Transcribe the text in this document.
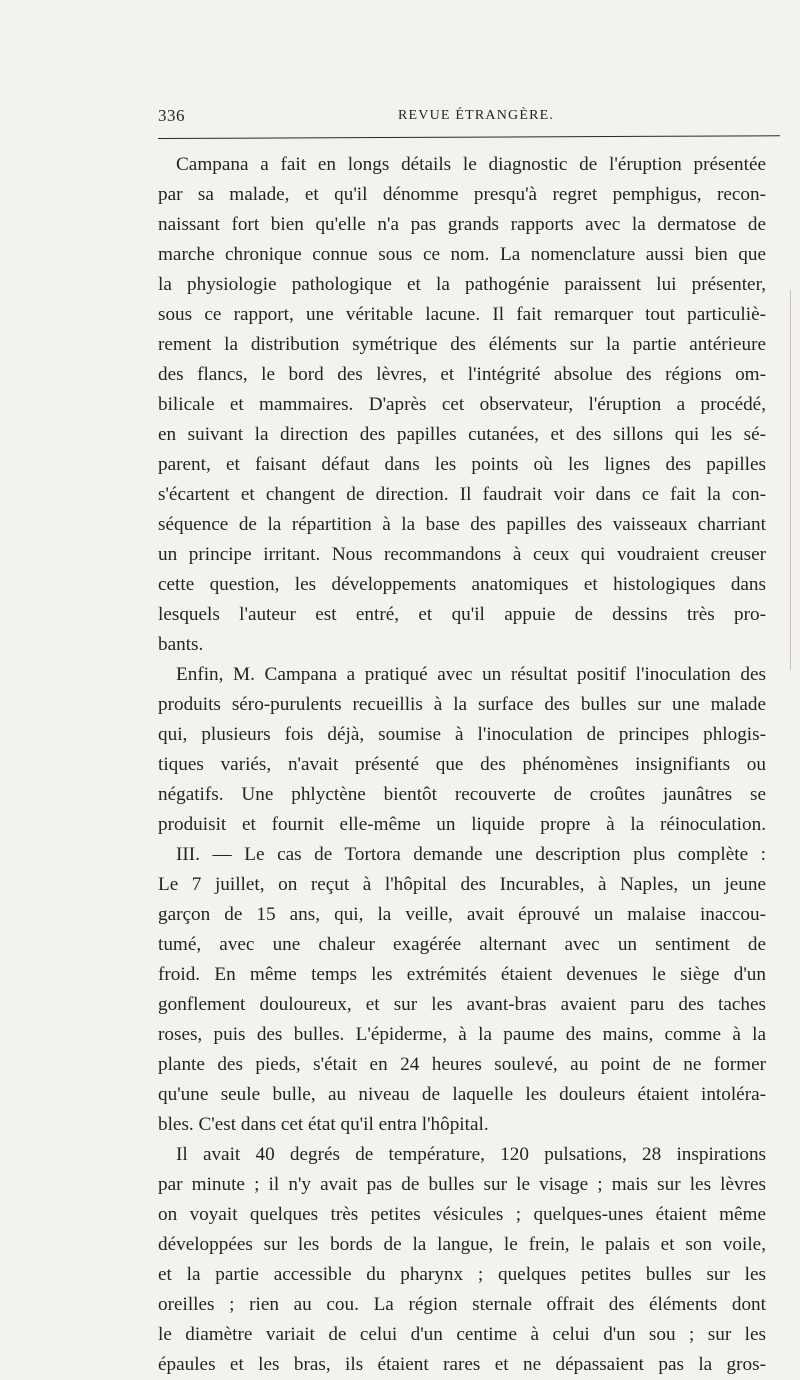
336	REVUE ÉTRANGÈRE.
Campana a fait en longs détails le diagnostic de l'éruption présentée
par sa malade, et qu'il dénomme presqu'à regret pemphigus, recon-
naissant fort bien qu'elle n'a pas grands rapports avec la dermatose de
marche chronique connue sous ce nom. La nomenclature aussi bien que
la physiologie pathologique et la pathogénie paraissent lui présenter,
sous ce rapport, une véritable lacune. Il fait remarquer tout particuliè-
rement la distribution symétrique des éléments sur la partie antérieure
des flancs, le bord des lèvres, et l'intégrité absolue des régions om-
bilicale et mammaires. D'après cet observateur, l'éruption a procédé,
en suivant la direction des papilles cutanées, et des sillons qui les sé-
parent, et faisant défaut dans les points où les lignes des papilles
s'écartent et changent de direction. Il faudrait voir dans ce fait la con-
séquence de la répartition à la base des papilles des vaisseaux charriant
un principe irritant. Nous recommandons à ceux qui voudraient creuser
cette question, les développements anatomiques et histologiques dans
lesquels l'auteur est entré, et qu'il appuie de dessins très pro-
bants.
Enfin, M. Campana a pratiqué avec un résultat positif l'inoculation des
produits séro-purulents recueillis à la surface des bulles sur une malade
qui, plusieurs fois déjà, soumise à l'inoculation de principes phlogis-
tiques variés, n'avait présenté que des phénomènes insignifiants ou
négatifs. Une phlyctène bientôt recouverte de croûtes jaunâtres se
produisit et fournit elle-même un liquide propre à la réinoculation.
III. — Le cas de Tortora demande une description plus complète :
Le 7 juillet, on reçut à l'hôpital des Incurables, à Naples, un jeune
garçon de 15 ans, qui, la veille, avait éprouvé un malaise inaccou-
tumé, avec une chaleur exagérée alternant avec un sentiment de
froid. En même temps les extrémités étaient devenues le siège d'un
gonflement douloureux, et sur les avant-bras avaient paru des taches
roses, puis des bulles. L'épiderme, à la paume des mains, comme à la
plante des pieds, s'était en 24 heures soulevé, au point de ne former
qu'une seule bulle, au niveau de laquelle les douleurs étaient intolérа-
bles. C'est dans cet état qu'il entra l'hôpital.
Il avait 40 degrés de température, 120 pulsations, 28 inspirations
par minute ; il n'y avait pas de bulles sur le visage ; mais sur les lèvres
on voyait quelques très petites vésicules ; quelques-unes étaient même
développées sur les bords de la langue, le frein, le palais et son voile,
et la partie accessible du pharynx ; quelques petites bulles sur les
oreilles ; rien au cou. La région sternale offrait des éléments dont
le diamètre variait de celui d'un centime à celui d'un sou ; sur les
épaules et les bras, ils étaient rares et ne dépassaient pas la gros-
